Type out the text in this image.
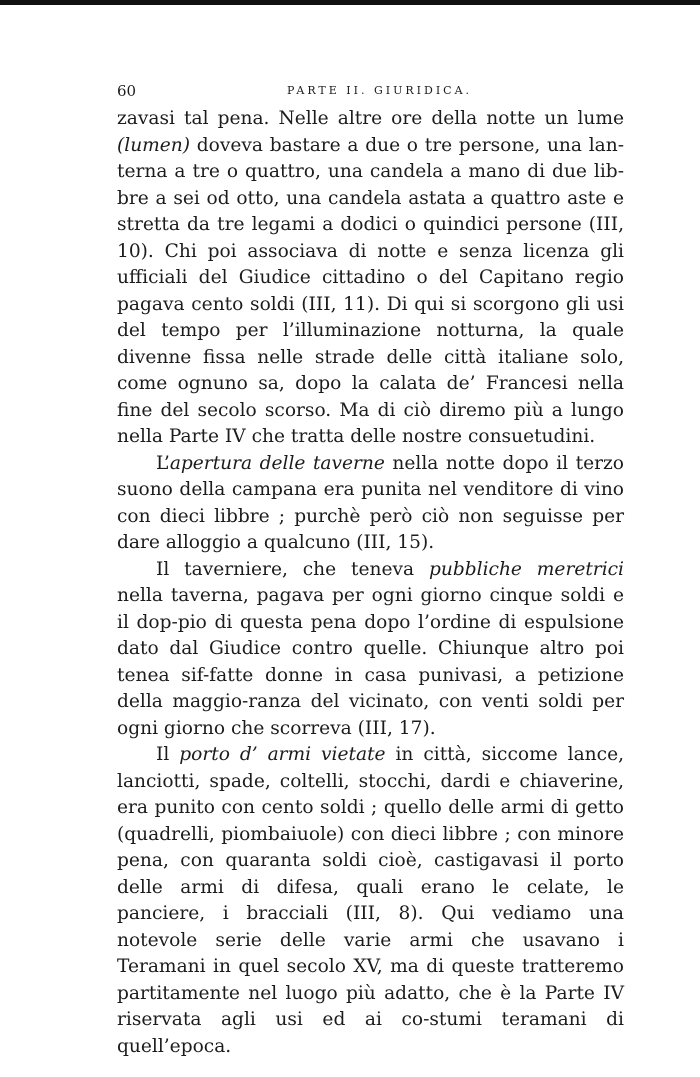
60	PARTE II. GIURIDICA.

zavasi tal pena. Nelle altre ore della notte un lume (lumen) doveva bastare a due o tre persone, una lan-terna a tre o quattro, una candela a mano di due lib-bre a sei od otto, una candela astata a quattro aste e stretta da tre legami a dodici o quindici persone (III, 10). Chi poi associava di notte e senza licenza gli ufficiali del Giudice cittadino o del Capitano regio pagava cento soldi (III, 11). Di qui si scorgono gli usi del tempo per l’illuminazione notturna, la quale divenne fissa nelle strade delle città italiane solo, come ognuno sa, dopo la calata de’ Francesi nella fine del secolo scorso. Ma di ciò diremo più a lungo nella Parte IV che tratta delle nostre consuetudini.

L’apertura delle taverne nella notte dopo il terzo suono della campana era punita nel venditore di vino con dieci libbre ; purchè però ciò non seguisse per dare alloggio a qualcuno (III, 15).

Il taverniere, che teneva pubbliche meretrici nella taverna, pagava per ogni giorno cinque soldi e il dop-pio di questa pena dopo l’ordine di espulsione dato dal Giudice contro quelle. Chiunque altro poi tenea sif-fatte donne in casa punivasi, a petizione della maggio-ranza del vicinato, con venti soldi per ogni giorno che scorreva (III, 17).

Il porto d’ armi vietate in città, siccome lance, lanciotti, spade, coltelli, stocchi, dardi e chiaverine, era punito con cento soldi ; quello delle armi di getto (quadrelli, piombaiuole) con dieci libbre ; con minore pena, con quaranta soldi cioè, castigavasi il porto delle armi di difesa, quali erano le celate, le panciere, i bracciali (III, 8). Qui vediamo una notevole serie delle varie armi che usavano i Teramani in quel secolo XV, ma di queste tratteremo partitamente nel luogo più adatto, che è la Parte IV riservata agli usi ed ai co-stumi teramani di quell’epoca.
